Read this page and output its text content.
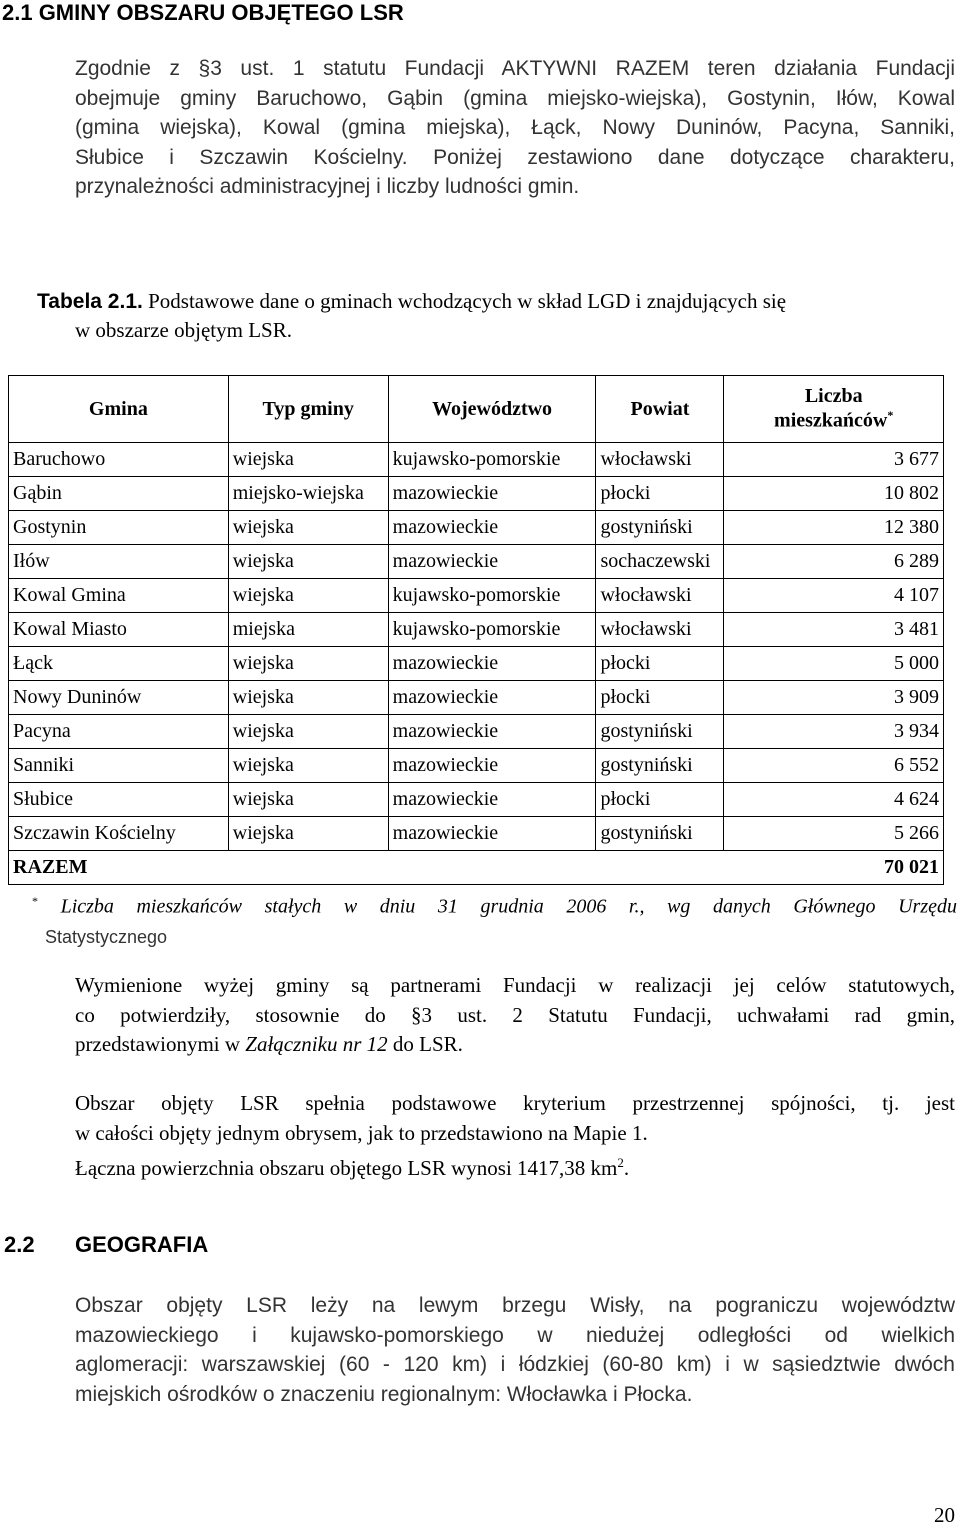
2.1 GMINY OBSZARU OBJĘTEGO LSR
Zgodnie z §3 ust. 1 statutu Fundacji AKTYWNI RAZEM teren działania Fundacji
obejmuje gminy Baruchowo, Gąbin (gmina miejsko-wiejska), Gostynin, Iłów, Kowal
(gmina wiejska), Kowal (gmina miejska), Łąck, Nowy Duninów, Pacyna, Sanniki,
Słubice i Szczawin Kościelny. Poniżej zestawiono dane dotyczące charakteru,
przynależności administracyjnej i liczby ludności gmin.
Tabela 2.1. Podstawowe dane o gminach wchodzących w skład LGD i znajdujących się
w obszarze objętym LSR.
Gmina	Typ gminy	Województwo	Powiat	Liczba
mieszkańców*

Baruchowo	wiejska	kujawsko-pomorskie	włocławski	3 677
Gąbin	miejsko-wiejska	mazowieckie	płocki	10 802
Gostynin	wiejska	mazowieckie	gostyniński	12 380
Iłów	wiejska	mazowieckie	sochaczewski	6 289
Kowal Gmina	wiejska	kujawsko-pomorskie	włocławski	4 107
Kowal Miasto	miejska	kujawsko-pomorskie	włocławski	3 481
Łąck	wiejska	mazowieckie	płocki	5 000
Nowy Duninów	wiejska	mazowieckie	płocki	3 909
Pacyna	wiejska	mazowieckie	gostyniński	3 934
Sanniki	wiejska	mazowieckie	gostyniński	6 552
Słubice	wiejska	mazowieckie	płocki	4 624
Szczawin Kościelny	wiejska	mazowieckie	gostyniński	5 266
RAZEM				70 021
* Liczba mieszkańców stałych w dniu 31 grudnia 2006 r., wg danych Głównego Urzędu
Statystycznego
Wymienione wyżej gminy są partnerami Fundacji w realizacji jej celów statutowych,
co potwierdziły, stosownie do §3 ust. 2 Statutu Fundacji, uchwałami rad gmin,
przedstawionymi w Załączniku nr 12 do LSR.
Obszar objęty LSR spełnia podstawowe kryterium przestrzennej spójności, tj. jest
w całości objęty jednym obrysem, jak to przedstawiono na Mapie 1.
Łączna powierzchnia obszaru objętego LSR wynosi 1417,38 $km^2$.
2.2 GEOGRAFIA
Obszar objęty LSR leży na lewym brzegu Wisły, na pograniczu województw
mazowieckiego i kujawsko-pomorskiego w niedużej odległości od wielkich
aglomeracji: warszawskiej (60 - 120 km) i łódzkiej (60-80 km) i w sąsiedztwie dwóch
miejskich ośrodków o znaczeniu regionalnym: Włocławka i Płocka.
20
